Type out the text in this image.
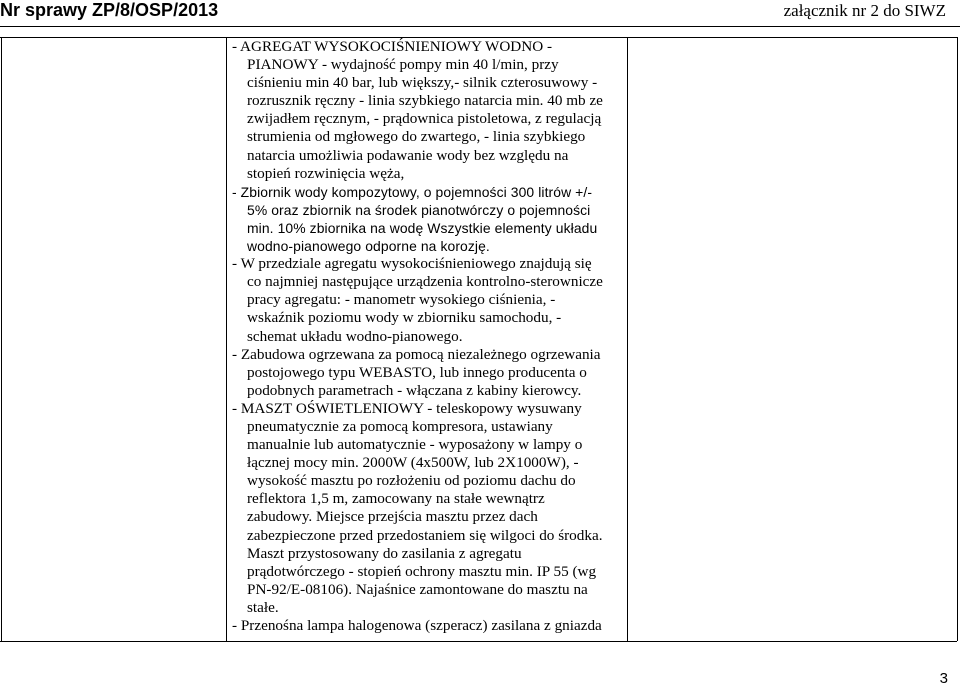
Nr sprawy ZP/8/OSP/2013	załącznik nr 2 do SIWZ
- AGREGAT WYSOKOCIŚNIENIOWY WODNO -
PIANOWY - wydajność pompy min 40 l/min, przy
ciśnieniu min 40 bar, lub większy,- silnik czterosuwowy -
rozrusznik ręczny - linia szybkiego natarcia min. 40 mb ze
zwijadłem ręcznym, - prądownica pistoletowa, z regulacją
strumienia od mgłowego do zwartego, - linia szybkiego
natarcia umożliwia podawanie wody bez względu na
stopień rozwinięcia węża,
- Zbiornik wody kompozytowy, o pojemności 300 litrów +/-
5% oraz zbiornik na środek pianotwórczy o pojemności
min. 10% zbiornika na wodę Wszystkie elementy układu
wodno-pianowego odporne na korozję.
- W przedziale agregatu wysokociśnieniowego znajdują się
co najmniej następujące urządzenia kontrolno-sterownicze
pracy agregatu: - manometr wysokiego ciśnienia, -
wskaźnik poziomu wody w zbiorniku samochodu, -
schemat układu wodno-pianowego.
- Zabudowa ogrzewana za pomocą niezależnego ogrzewania
postojowego typu WEBASTO, lub innego producenta o
podobnych parametrach - włączana z kabiny kierowcy.
- MASZT OŚWIETLENIOWY - teleskopowy wysuwany
pneumatycznie za pomocą kompresora, ustawiany
manualnie lub automatycznie - wyposażony w lampy o
łącznej mocy min. 2000W (4x500W, lub 2X1000W), -
wysokość masztu po rozłożeniu od poziomu dachu do
reflektora 1,5 m, zamocowany na stałe wewnątrz
zabudowy. Miejsce przejścia masztu przez dach
zabezpieczone przed przedostaniem się wilgoci do środka.
Maszt przystosowany do zasilania z agregatu
prądotwórczego - stopień ochrony masztu min. IP 55 (wg
PN-92/E-08106). Najaśnice zamontowane do masztu na
stałe.
- Przenośna lampa halogenowa (szperacz) zasilana z gniazda
3
